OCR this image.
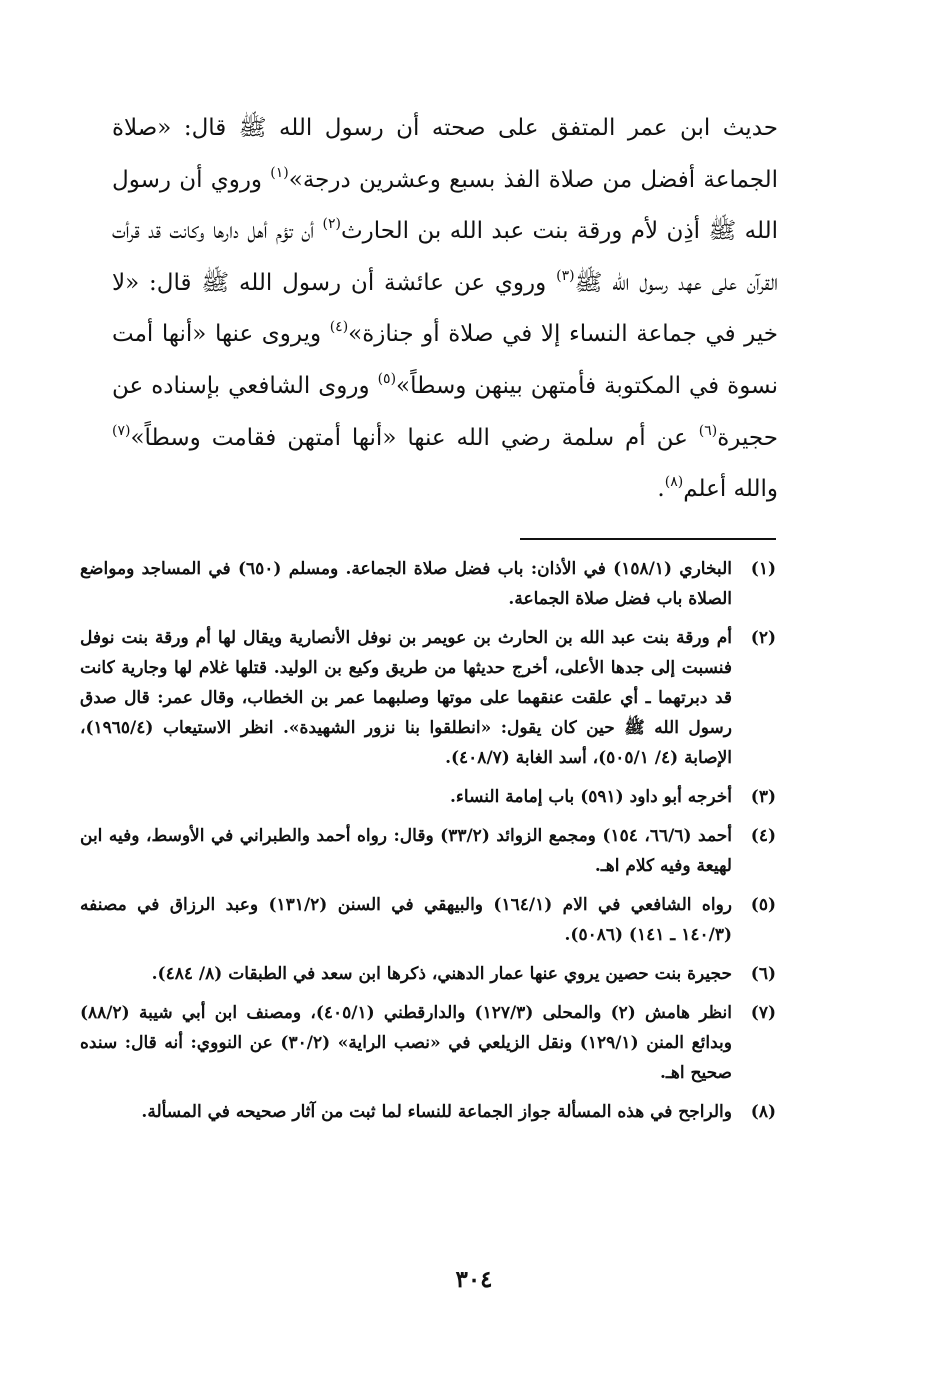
حديث ابن عمر المتفق على صحته أن رسول الله ﷺ قال: «صلاة الجماعة أفضل من صلاة الفذ بسبع وعشرين درجة»$^{(١)}$ وروي أن رسول الله ﷺ أذِن لأم ورقة بنت عبد الله بن الحارث$^{(٢)}$ أن تؤم أهل دارها وكانت قد قرأت القرآن على عهد رسول الله ﷺ$^{(٣)}$ وروي عن عائشة أن رسول الله ﷺ قال: «لا خير في جماعة النساء إلا في صلاة أو جنازة»$^{(٤)}$ ويروى عنها «أنها أمت نسوة في المكتوبة فأمتهن بينهن وسطاً»$^{(٥)}$ وروى الشافعي بإسناده عن حجيرة$^{(٦)}$ عن أم سلمة رضي الله عنها «أنها أمتهن فقامت وسطاً»$^{(٧)}$ والله أعلم$^{(٨)}$.
(١)
البخاري (١٥٨/١) في الأذان: باب فضل صلاة الجماعة. ومسلم (٦٥٠) في المساجد ومواضع الصلاة باب فضل صلاة الجماعة.
(٢)
أم ورقة بنت عبد الله بن الحارث بن عويمر بن نوفل الأنصارية ويقال لها أم ورقة بنت نوفل فنسبت إلى جدها الأعلى، أخرج حديثها من طريق وكيع بن الوليد. قتلها غلام لها وجارية كانت قد دبرتهما ـ أي علقت عنقهما على موتها وصلبهما عمر بن الخطاب، وقال عمر: قال صدق رسول الله ﷺ حين كان يقول: «انطلقوا بنا نزور الشهيدة». انظر الاستيعاب (١٩٦٥/٤)، الإصابة (٤/ ٥٠٥/١)، أسد الغابة (٤٠٨/٧).
(٣)
أخرجه أبو داود (٥٩١) باب إمامة النساء.
(٤)
أحمد (٦٦/٦، ١٥٤) ومجمع الزوائد (٣٣/٢) وقال: رواه أحمد والطبراني في الأوسط، وفيه ابن لهيعة وفيه كلام اهـ.
(٥)
رواه الشافعي في الام (١٦٤/١) والبيهقي في السنن (١٣١/٢) وعبد الرزاق في مصنفه (١٤٠/٣ ـ ١٤١) (٥٠٨٦).
(٦)
حجيرة بنت حصين يروي عنها عمار الدهني، ذكرها ابن سعد في الطبقات (٨/ ٤٨٤).
(٧)
انظر هامش (٢) والمحلى (١٢٧/٣) والدارقطني (٤٠٥/١)، ومصنف ابن أبي شيبة (٨٨/٢) وبدائع المنن (١٢٩/١) ونقل الزيلعي في «نصب الراية» (٣٠/٢) عن النووي: أنه قال: سنده صحيح اهـ.
(٨)
والراجح في هذه المسألة جواز الجماعة للنساء لما ثبت من آثار صحيحه في المسألة.
٣٠٤
